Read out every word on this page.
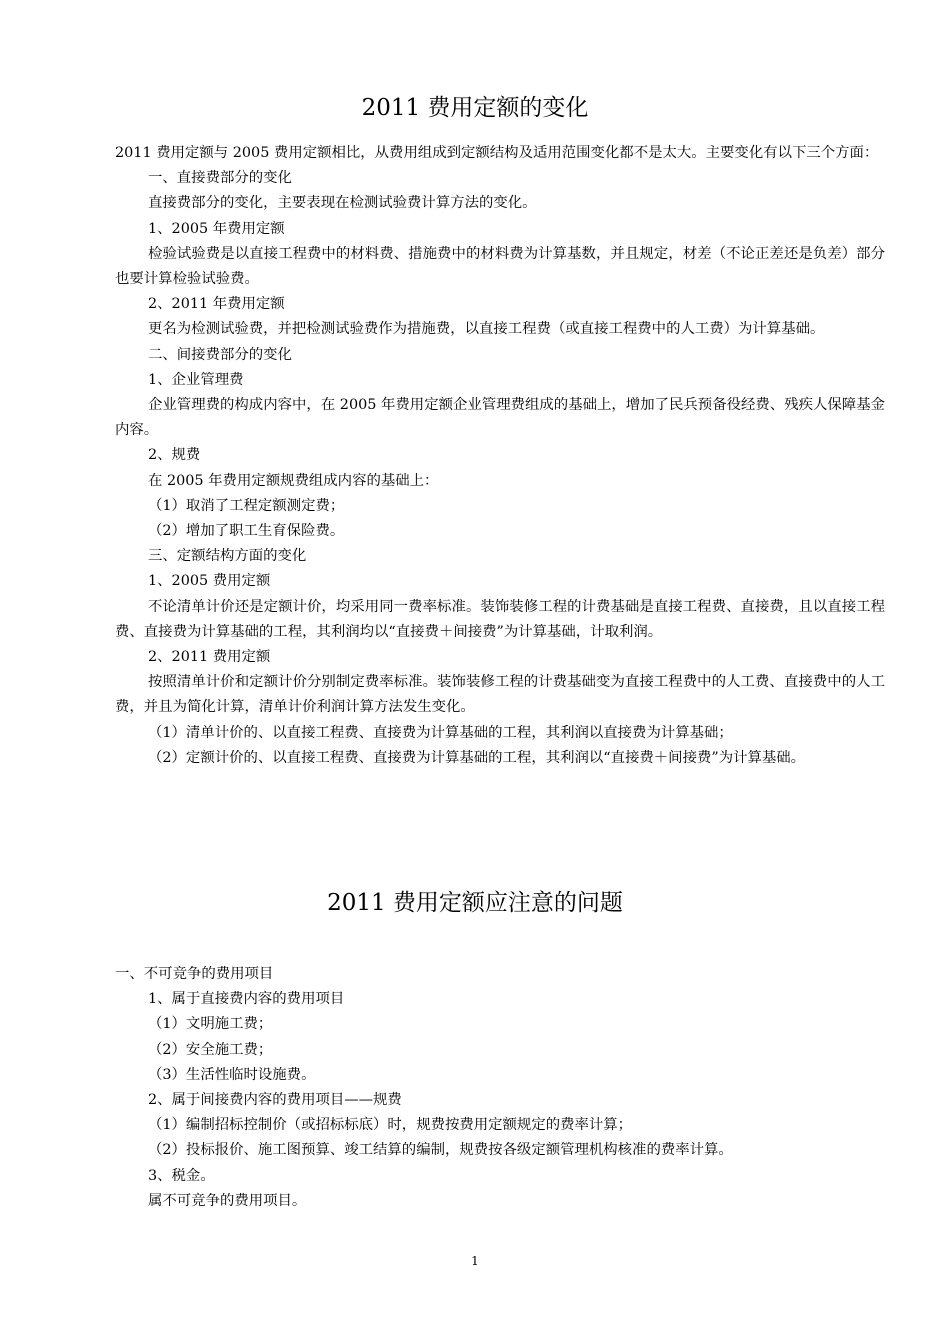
2011 费用定额的变化

2011 费用定额与 2005 费用定额相比，从费用组成到定额结构及适用范围变化都不是太大。主要变化有以下三个方面：

一、直接费部分的变化

直接费部分的变化，主要表现在检测试验费计算方法的变化。

1、2005 年费用定额

检验试验费是以直接工程费中的材料费、措施费中的材料费为计算基数，并且规定，材差（不论正差还是负差）部分也要计算检验试验费。

2、2011 年费用定额

更名为检测试验费，并把检测试验费作为措施费，以直接工程费（或直接工程费中的人工费）为计算基础。

二、间接费部分的变化

1、企业管理费

企业管理费的构成内容中，在 2005 年费用定额企业管理费组成的基础上，增加了民兵预备役经费、残疾人保障基金内容。

2、规费

在 2005 年费用定额规费组成内容的基础上：

（1）取消了工程定额测定费；

（2）增加了职工生育保险费。

三、定额结构方面的变化

1、2005 费用定额

不论清单计价还是定额计价，均采用同一费率标准。装饰装修工程的计费基础是直接工程费、直接费，且以直接工程费、直接费为计算基础的工程，其利润均以“直接费＋间接费”为计算基础，计取利润。

2、2011 费用定额

按照清单计价和定额计价分别制定费率标准。装饰装修工程的计费基础变为直接工程费中的人工费、直接费中的人工费，并且为简化计算，清单计价利润计算方法发生变化。

（1）清单计价的、以直接工程费、直接费为计算基础的工程，其利润以直接费为计算基础；

（2）定额计价的、以直接工程费、直接费为计算基础的工程，其利润以“直接费＋间接费”为计算基础。

2011 费用定额应注意的问题

一、不可竞争的费用项目

1、属于直接费内容的费用项目

（1）文明施工费；

（2）安全施工费；

（3）生活性临时设施费。

2、属于间接费内容的费用项目——规费

（1）编制招标控制价（或招标标底）时，规费按费用定额规定的费率计算；

（2）投标报价、施工图预算、竣工结算的编制，规费按各级定额管理机构核准的费率计算。

3、税金。

属不可竞争的费用项目。

1
